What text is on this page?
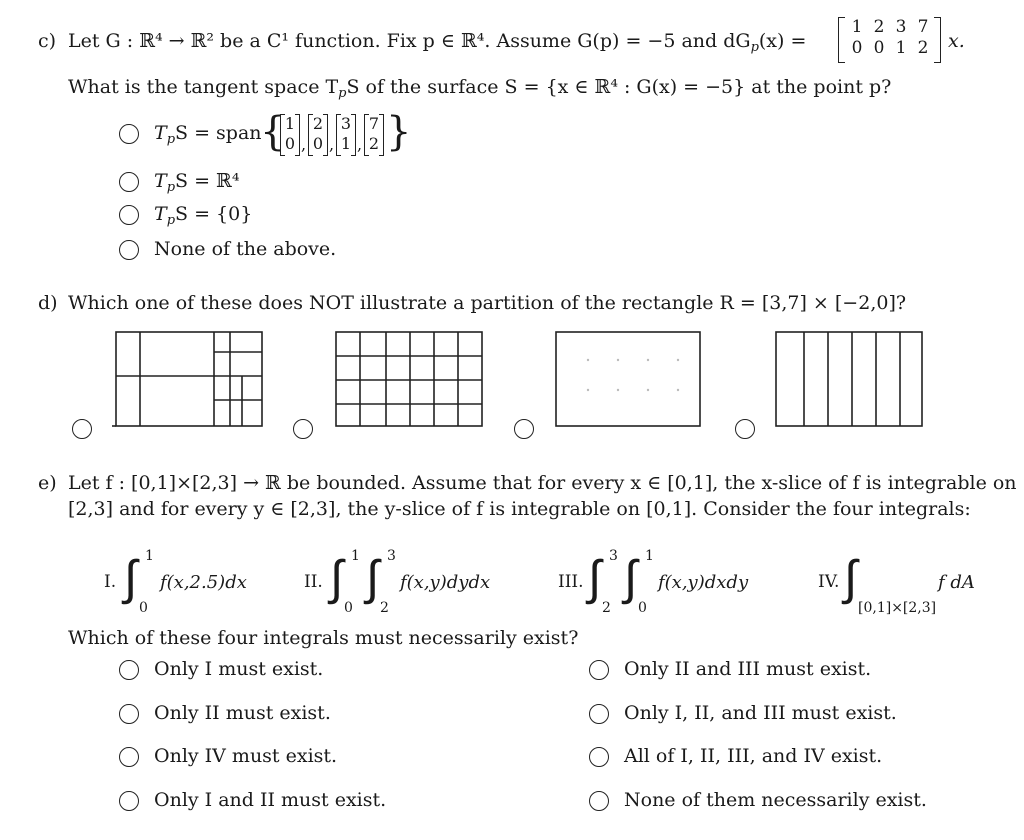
c) Let G : ℝ⁴ → ℝ² be a C¹ function. Fix p ∈ ℝ⁴. Assume G(p) = −5 and $dG_p(x)$ =
1 2 3 7
0 0 1 2 x.
What is the tangent space $T_pS$ of the surface S = {x ∈ ℝ⁴ : G(x) = −5} at the point p?
$T_pS$ = span
{ 1
0 ,
2
0 ,
3
1 ,
7
2 }
$T_pS$ = ℝ⁴
$T_pS = \{0\}$
None of the above.
d) Which one of these does NOT illustrate a partition of the rectangle R = [3,7] × [−2,0]?
e) Let f : [0,1]×[2,3] → ℝ be bounded. Assume that for every x ∈ [0,1], the x-slice of f is integrable on
[2,3] and for every y ∈ [2,3], the y-slice of f is integrable on [0,1]. Consider the four integrals:
I. ∫ 1
0
f(x,2.5)dx	II. ∫ 1
0
∫ 3
2
f(x,y)dydx	III. ∫ 3
2
∫ 1
0
f(x,y)dxdy	IV. ∫
[0,1]×[2,3]
f dA
Which of these four integrals must necessarily exist?
Only I must exist.
Only II must exist.
Only IV must exist.
Only I and II must exist.
Only II and III must exist.
Only I, II, and III must exist.
All of I, II, III, and IV exist.
None of them necessarily exist.
